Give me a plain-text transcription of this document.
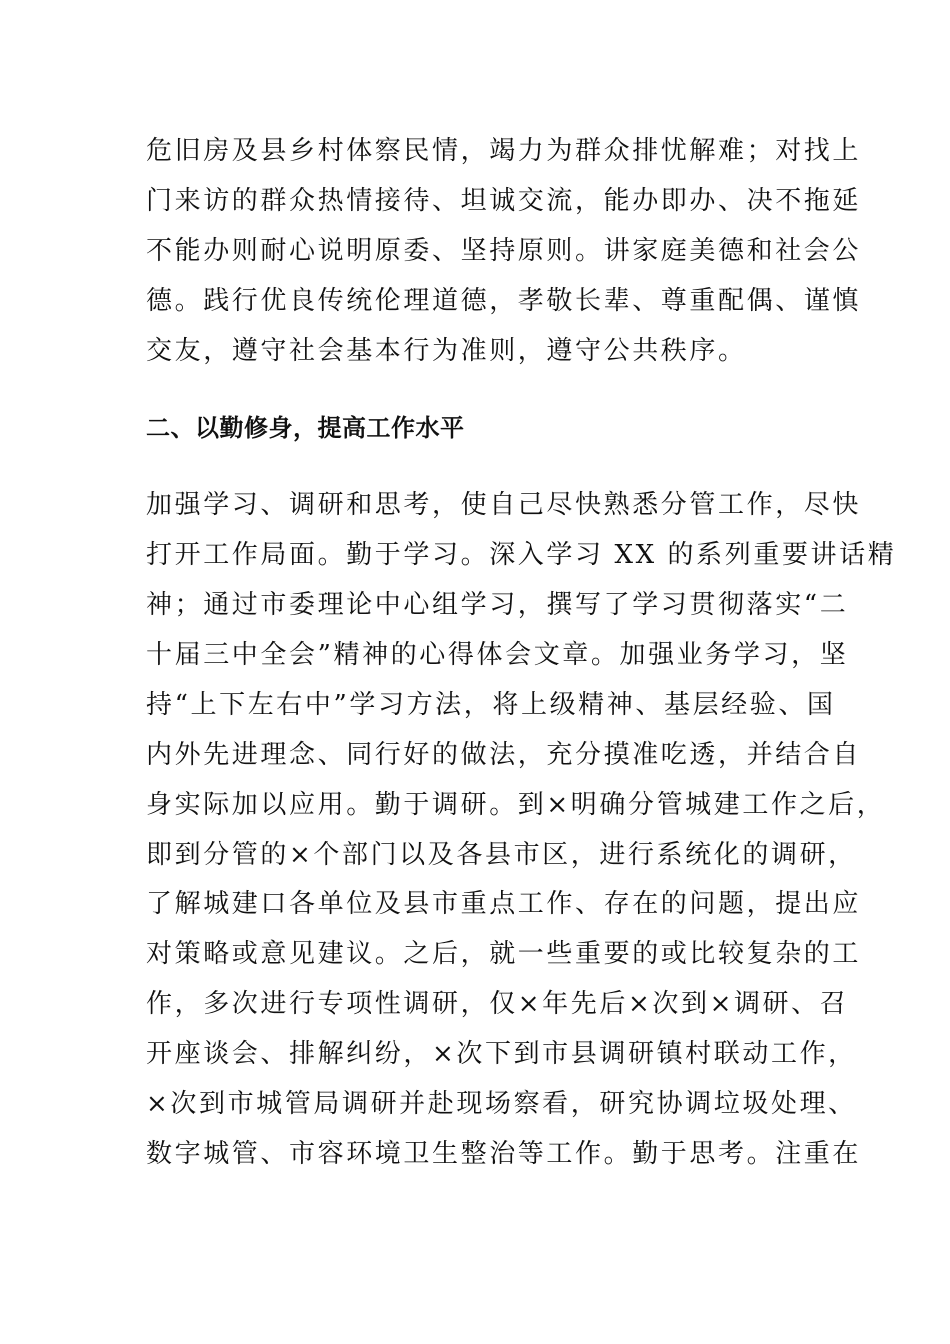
危旧房及县乡村体察民情，竭力为群众排忧解难；对找上
门来访的群众热情接待、坦诚交流，能办即办、决不拖延
不能办则耐心说明原委、坚持原则。讲家庭美德和社会公
德。践行优良传统伦理道德，孝敬长辈、尊重配偶、谨慎
交友，遵守社会基本行为准则，遵守公共秩序。
二、以勤修身，提高工作水平
加强学习、调研和思考，使自己尽快熟悉分管工作，尽快
打开工作局面。勤于学习。深入学习 XX 的系列重要讲话精
神；通过市委理论中心组学习，撰写了学习贯彻落实“二
十届三中全会”精神的心得体会文章。加强业务学习，坚
持“上下左右中”学习方法，将上级精神、基层经验、国
内外先进理念、同行好的做法，充分摸准吃透，并结合自
身实际加以应用。勤于调研。到×明确分管城建工作之后，
即到分管的×个部门以及各县市区，进行系统化的调研，
了解城建口各单位及县市重点工作、存在的问题，提出应
对策略或意见建议。之后，就一些重要的或比较复杂的工
作，多次进行专项性调研，仅×年先后×次到×调研、召
开座谈会、排解纠纷，×次下到市县调研镇村联动工作，
×次到市城管局调研并赴现场察看，研究协调垃圾处理、
数字城管、市容环境卫生整治等工作。勤于思考。注重在
